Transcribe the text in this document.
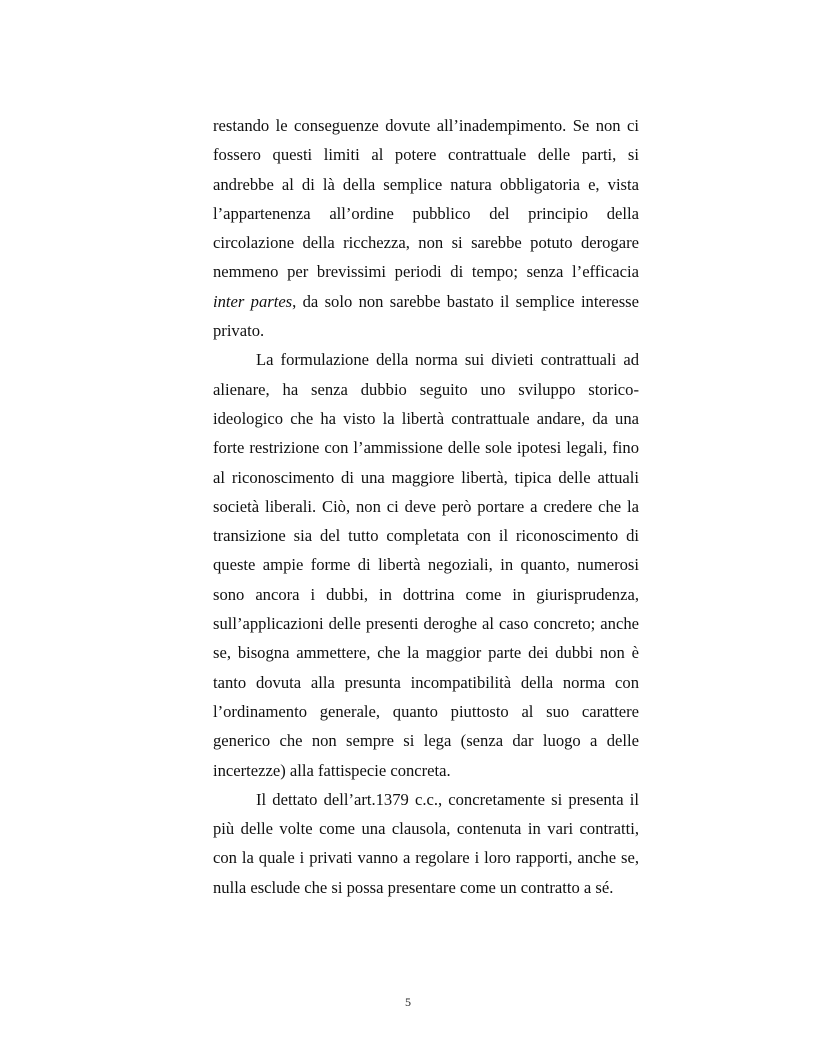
restando le conseguenze dovute all’inadempimento. Se non ci fossero questi limiti al potere contrattuale delle parti, si andrebbe al di là della semplice natura obbligatoria e, vista l’appartenenza all’ordine pubblico del principio della circolazione della ricchezza, non si sarebbe potuto derogare nemmeno per brevissimi periodi di tempo; senza l’efficacia inter partes, da solo non sarebbe bastato il semplice interesse privato.

La formulazione della norma sui divieti contrattuali ad alienare, ha senza dubbio seguito uno sviluppo storico-ideologico che ha visto la libertà contrattuale andare, da una forte restrizione con l’ammissione delle sole ipotesi legali, fino al riconoscimento di una maggiore libertà, tipica delle attuali società liberali. Ciò, non ci deve però portare a credere che la transizione sia del tutto completata con il riconoscimento di queste ampie forme di libertà negoziali, in quanto, numerosi sono ancora i dubbi, in dottrina come in giurisprudenza, sull’applicazioni delle presenti deroghe al caso concreto; anche se, bisogna ammettere, che la maggior parte dei dubbi non è tanto dovuta alla presunta incompatibilità della norma con l’ordinamento generale, quanto piuttosto al suo carattere generico che non sempre si lega (senza dar luogo a delle incertezze) alla fattispecie concreta.

Il dettato dell’art.1379 c.c., concretamente si presenta il più delle volte come una clausola, contenuta in vari contratti, con la quale i privati vanno a regolare i loro rapporti, anche se, nulla esclude che si possa presentare come un contratto a sé.

5
